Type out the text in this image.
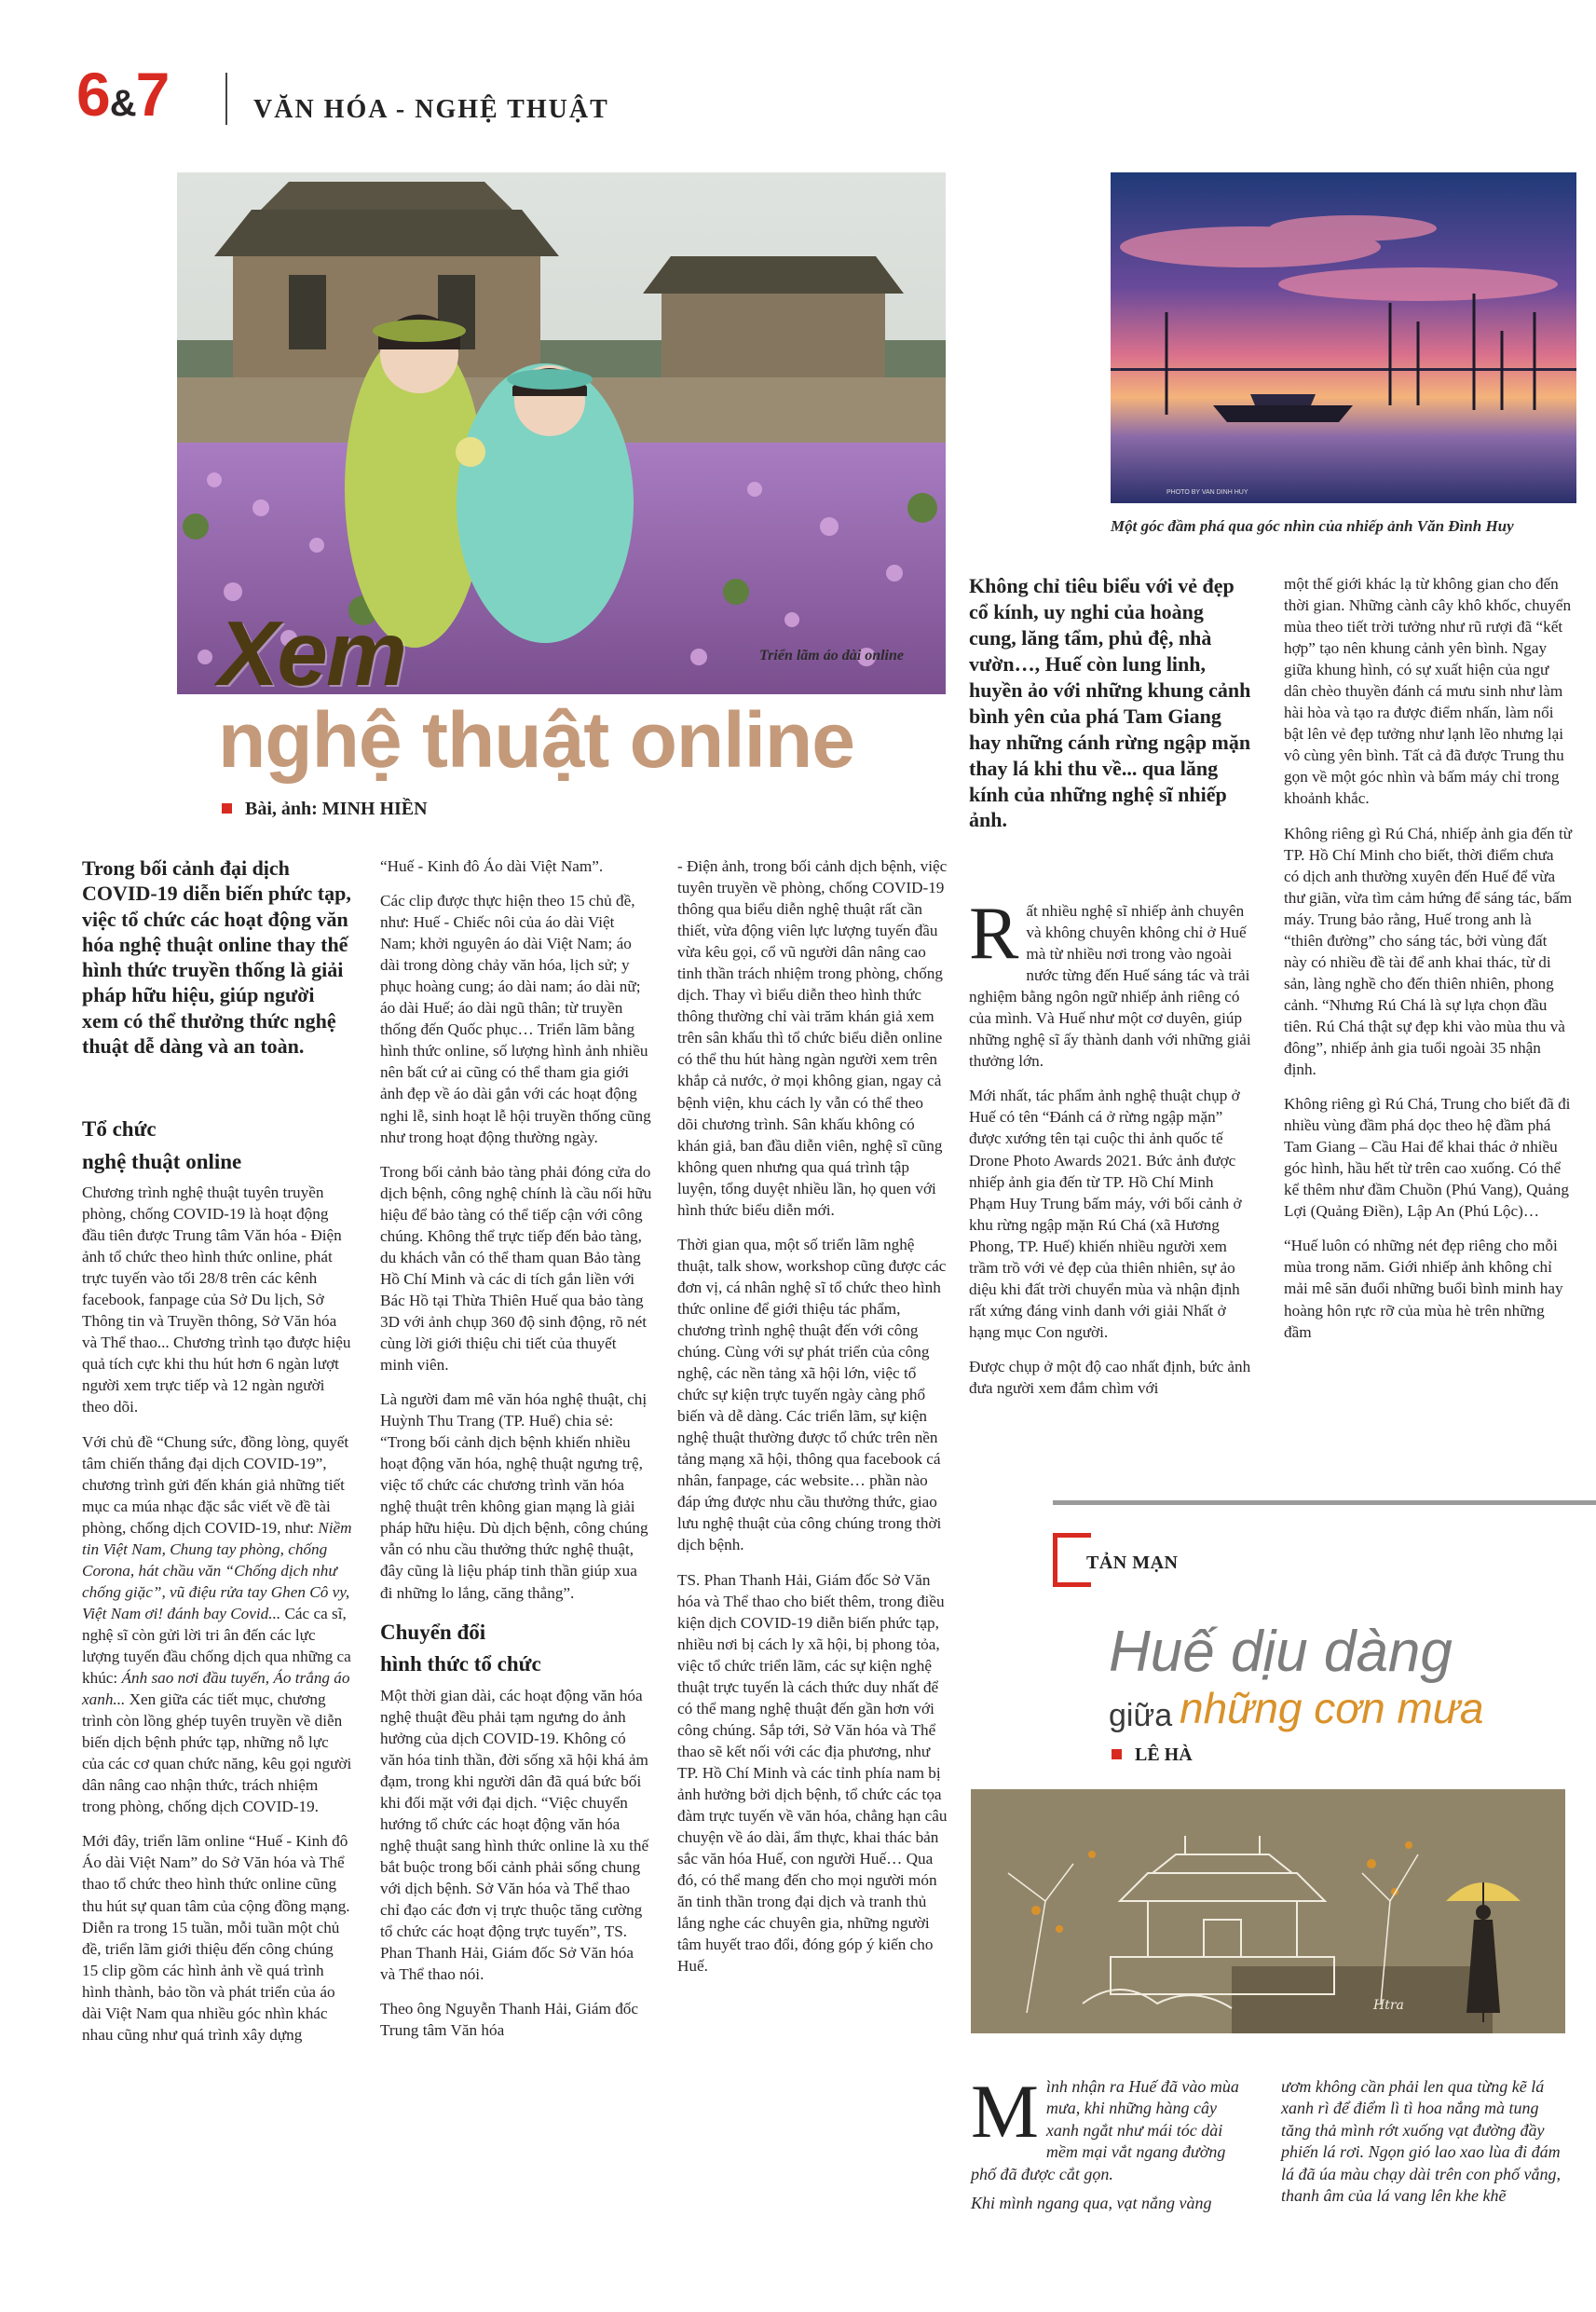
6&7	VĂN HÓA - NGHỆ THUẬT
Triển lãm áo dài online
PHOTO BY VAN DINH HUY
Một góc đầm phá qua góc nhìn của nhiếp ảnh Văn Đình Huy
Xem
nghệ thuật online
Bài, ảnh: MINH HIỀN
Trong bối cảnh đại dịch COVID-19 diễn biến phức tạp, việc tổ chức các hoạt động văn hóa nghệ thuật online thay thế hình thức truyền thống là giải pháp hữu hiệu, giúp người xem có thể thưởng thức nghệ thuật dễ dàng và an toàn.
Tổ chức
nghệ thuật online

Chương trình nghệ thuật tuyên truyền phòng, chống COVID-19 là hoạt động đầu tiên được Trung tâm Văn hóa - Điện ảnh tổ chức theo hình thức online, phát trực tuyến vào tối 28/8 trên các kênh facebook, fanpage của Sở Du lịch, Sở Thông tin và Truyền thông, Sở Văn hóa và Thể thao... Chương trình tạo được hiệu quả tích cực khi thu hút hơn 6 ngàn lượt người xem trực tiếp và 12 ngàn người theo dõi.

Với chủ đề “Chung sức, đồng lòng, quyết tâm chiến thắng đại dịch COVID-19”, chương trình gửi đến khán giả những tiết mục ca múa nhạc đặc sắc viết về đề tài phòng, chống dịch COVID-19, như: Niềm tin Việt Nam, Chung tay phòng, chống Corona, hát chầu văn “Chống dịch như chống giặc”, vũ điệu rửa tay Ghen Cô vy, Việt Nam ơi! đánh bay Covid... Các ca sĩ, nghệ sĩ còn gửi lời tri ân đến các lực lượng tuyến đầu chống dịch qua những ca khúc: Ánh sao nơi đầu tuyến, Áo trắng áo xanh... Xen giữa các tiết mục, chương trình còn lồng ghép tuyên truyền về diễn biến dịch bệnh phức tạp, những nỗ lực của các cơ quan chức năng, kêu gọi người dân nâng cao nhận thức, trách nhiệm trong phòng, chống dịch COVID-19.

Mới đây, triển lãm online “Huế - Kinh đô Áo dài Việt Nam” do Sở Văn hóa và Thể thao tổ chức theo hình thức online cũng thu hút sự quan tâm của cộng đồng mạng. Diễn ra trong 15 tuần, mỗi tuần một chủ đề, triển lãm giới thiệu đến công chúng 15 clip gồm các hình ảnh về quá trình hình thành, bảo tồn và phát triển của áo dài Việt Nam qua nhiều góc nhìn khác nhau cũng như quá trình xây dựng

“Huế - Kinh đô Áo dài Việt Nam”.

Các clip được thực hiện theo 15 chủ đề, như: Huế - Chiếc nôi của áo dài Việt Nam; khởi nguyên áo dài Việt Nam; áo dài trong dòng chảy văn hóa, lịch sử; y phục hoàng cung; áo dài nam; áo dài nữ; áo dài Huế; áo dài ngũ thân; từ truyền thống đến Quốc phục… Triển lãm bằng hình thức online, số lượng hình ảnh nhiều nên bất cứ ai cũng có thể tham gia giới ảnh đẹp về áo dài gắn với các hoạt động nghi lễ, sinh hoạt lễ hội truyền thống cũng như trong hoạt động thường ngày.

Trong bối cảnh bảo tàng phải đóng cửa do dịch bệnh, công nghệ chính là cầu nối hữu hiệu để bảo tàng có thể tiếp cận với công chúng. Không thể trực tiếp đến bảo tàng, du khách vẫn có thể tham quan Bảo tàng Hồ Chí Minh và các di tích gắn liền với Bác Hồ tại Thừa Thiên Huế qua bảo tàng 3D với ảnh chụp 360 độ sinh động, rõ nét cùng lời giới thiệu chi tiết của thuyết minh viên.

Là người đam mê văn hóa nghệ thuật, chị Huỳnh Thu Trang (TP. Huế) chia sẻ: “Trong bối cảnh dịch bệnh khiến nhiều hoạt động văn hóa, nghệ thuật ngưng trệ, việc tổ chức các chương trình văn hóa nghệ thuật trên không gian mạng là giải pháp hữu hiệu. Dù dịch bệnh, công chúng vẫn có nhu cầu thưởng thức nghệ thuật, đây cũng là liệu pháp tinh thần giúp xua đi những lo lắng, căng thẳng”.

Chuyển đổi
hình thức tổ chức

Một thời gian dài, các hoạt động văn hóa nghệ thuật đều phải tạm ngưng do ảnh hưởng của dịch COVID-19. Không có văn hóa tinh thần, đời sống xã hội khá ảm đạm, trong khi người dân đã quá bức bối khi đối mặt với đại dịch. “Việc chuyển hướng tổ chức các hoạt động văn hóa nghệ thuật sang hình thức online là xu thế bắt buộc trong bối cảnh phải sống chung với dịch bệnh. Sở Văn hóa và Thể thao chỉ đạo các đơn vị trực thuộc tăng cường tổ chức các hoạt động trực tuyến”, TS. Phan Thanh Hải, Giám đốc Sở Văn hóa và Thể thao nói.

Theo ông Nguyễn Thanh Hải, Giám đốc Trung tâm Văn hóa

- Điện ảnh, trong bối cảnh dịch bệnh, việc tuyên truyền về phòng, chống COVID-19 thông qua biểu diễn nghệ thuật rất cần thiết, vừa động viên lực lượng tuyến đầu vừa kêu gọi, cổ vũ người dân nâng cao tinh thần trách nhiệm trong phòng, chống dịch. Thay vì biểu diễn theo hình thức thông thường chỉ vài trăm khán giả xem trên sân khấu thì tổ chức biểu diễn online có thể thu hút hàng ngàn người xem trên khắp cả nước, ở mọi không gian, ngay cả bệnh viện, khu cách ly vẫn có thể theo dõi chương trình. Sân khấu không có khán giả, ban đầu diễn viên, nghệ sĩ cũng không quen nhưng qua quá trình tập luyện, tổng duyệt nhiều lần, họ quen với hình thức biểu diễn mới.

Thời gian qua, một số triển lãm nghệ thuật, talk show, workshop cũng được các đơn vị, cá nhân nghệ sĩ tổ chức theo hình thức online để giới thiệu tác phẩm, chương trình nghệ thuật đến với công chúng. Cùng với sự phát triển của công nghệ, các nền tảng xã hội lớn, việc tổ chức sự kiện trực tuyến ngày càng phổ biến và dễ dàng. Các triển lãm, sự kiện nghệ thuật thường được tổ chức trên nền tảng mạng xã hội, thông qua facebook cá nhân, fanpage, các website… phần nào đáp ứng được nhu cầu thưởng thức, giao lưu nghệ thuật của công chúng trong thời dịch bệnh.

TS. Phan Thanh Hải, Giám đốc Sở Văn hóa và Thể thao cho biết thêm, trong điều kiện dịch COVID-19 diễn biến phức tạp, nhiều nơi bị cách ly xã hội, bị phong tỏa, việc tổ chức triển lãm, các sự kiện nghệ thuật trực tuyến là cách thức duy nhất để có thể mang nghệ thuật đến gần hơn với công chúng. Sắp tới, Sở Văn hóa và Thể thao sẽ kết nối với các địa phương, như TP. Hồ Chí Minh và các tỉnh phía nam bị ảnh hưởng bởi dịch bệnh, tổ chức các tọa đàm trực tuyến về văn hóa, chẳng hạn câu chuyện về áo dài, ẩm thực, khai thác bản sắc văn hóa Huế, con người Huế… Qua đó, có thể mang đến cho mọi người món ăn tinh thần trong đại dịch và tranh thủ lắng nghe các chuyên gia, những người tâm huyết trao đổi, đóng góp ý kiến cho Huế.

Không chỉ tiêu biểu với vẻ đẹp cổ kính, uy nghi của hoàng cung, lăng tẩm, phủ đệ, nhà vườn…, Huế còn lung linh, huyền ảo với những khung cảnh bình yên của phá Tam Giang hay những cánh rừng ngập mặn thay lá khi thu về... qua lăng kính của những nghệ sĩ nhiếp ảnh.

Rất nhiều nghệ sĩ nhiếp ảnh chuyên và không chuyên không chỉ ở Huế mà từ nhiều nơi trong vào ngoài nước từng đến Huế sáng tác và trải nghiệm bằng ngôn ngữ nhiếp ảnh riêng có của mình. Và Huế như một cơ duyên, giúp những nghệ sĩ ấy thành danh với những giải thưởng lớn.

Mới nhất, tác phẩm ảnh nghệ thuật chụp ở Huế có tên “Đánh cá ở rừng ngập mặn” được xướng tên tại cuộc thi ảnh quốc tế Drone Photo Awards 2021. Bức ảnh được nhiếp ảnh gia đến từ TP. Hồ Chí Minh Phạm Huy Trung bấm máy, với bối cảnh ở khu rừng ngập mặn Rú Chá (xã Hương Phong, TP. Huế) khiến nhiều người xem trầm trồ với vẻ đẹp của thiên nhiên, sự ảo diệu khi đất trời chuyển mùa và nhận định rất xứng đáng vinh danh với giải Nhất ở hạng mục Con người.

Được chụp ở một độ cao nhất định, bức ảnh đưa người xem đắm chìm với

một thế giới khác lạ từ không gian cho đến thời gian. Những cành cây khô khốc, chuyển mùa theo tiết trời tưởng như rũ rượi đã “kết hợp” tạo nên khung cảnh yên bình. Ngay giữa khung hình, có sự xuất hiện của ngư dân chèo thuyền đánh cá mưu sinh như làm hài hòa và tạo ra được điểm nhấn, làm nổi bật lên vẻ đẹp tưởng như lạnh lẽo nhưng lại vô cùng yên bình. Tất cả đã được Trung thu gọn về một góc nhìn và bấm máy chỉ trong khoảnh khắc.

Không riêng gì Rú Chá, nhiếp ảnh gia đến từ TP. Hồ Chí Minh cho biết, thời điểm chưa có dịch anh thường xuyên đến Huế để vừa thư giãn, vừa tìm cảm hứng để sáng tác, bấm máy. Trung bảo rằng, Huế trong anh là “thiên đường” cho sáng tác, bởi vùng đất này có nhiều đề tài để anh khai thác, từ di sản, làng nghề cho đến thiên nhiên, phong cảnh. “Nhưng Rú Chá là sự lựa chọn đầu tiên. Rú Chá thật sự đẹp khi vào mùa thu và đông”, nhiếp ảnh gia tuổi ngoài 35 nhận định.

Không riêng gì Rú Chá, Trung cho biết đã đi nhiều vùng đầm phá dọc theo hệ đầm phá Tam Giang – Cầu Hai để khai thác ở nhiều góc hình, hầu hết từ trên cao xuống. Có thể kể thêm như đầm Chuồn (Phú Vang), Quảng Lợi (Quảng Điền), Lập An (Phú Lộc)…

“Huế luôn có những nét đẹp riêng cho mỗi mùa trong năm. Giới nhiếp ảnh không chỉ mải mê săn đuổi những buổi bình minh hay hoàng hôn rực rỡ của mùa hè trên những đầm

TẢN MẠN
Huế dịu dàng
giữa những cơn mưa
LÊ HÀ
Htra

Mình nhận ra Huế đã vào mùa mưa, khi những hàng cây xanh ngắt như mái tóc dài mềm mại vắt ngang đường phố đã được cắt gọn.

Khi mình ngang qua, vạt nắng vàng

ươm không cần phải len qua từng kẽ lá xanh rì để điểm lì tì hoa nắng mà tung tăng thả mình rớt xuống vạt đường đầy phiến lá rơi. Ngọn gió lao xao lùa đi đám lá đã úa màu chạy dài trên con phố vắng, thanh âm của lá vang lên khe khẽ
